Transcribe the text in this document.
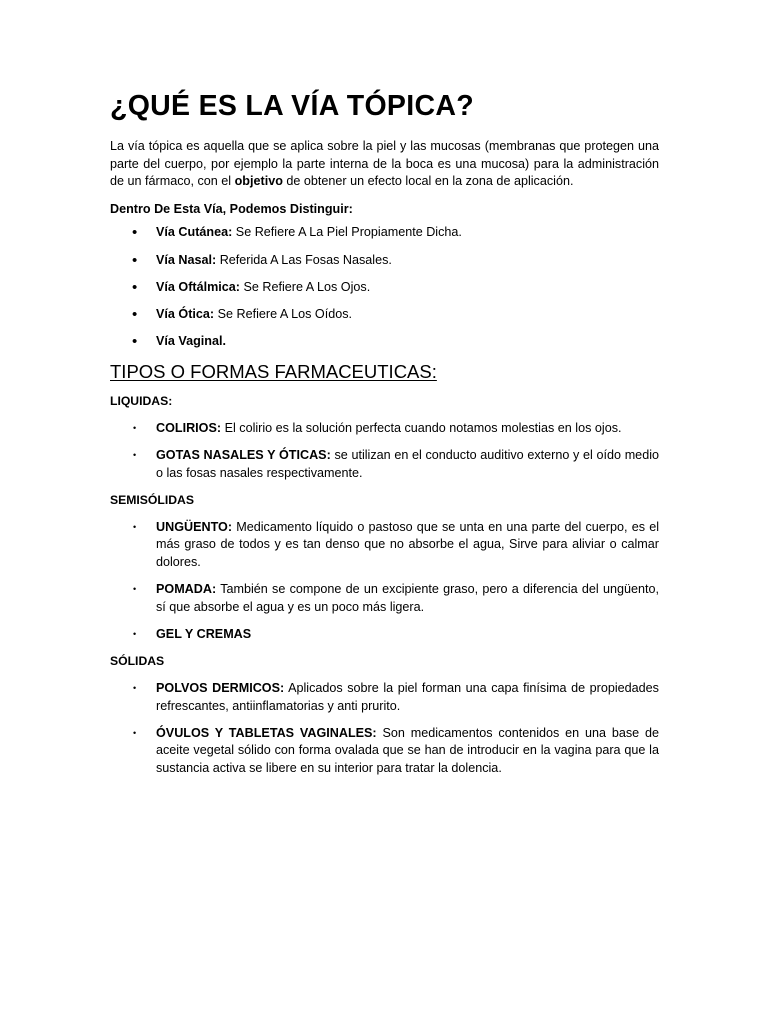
¿QUÉ ES LA VÍA TÓPICA?

La vía tópica es aquella que se aplica sobre la piel y las mucosas (membranas que protegen una parte del cuerpo, por ejemplo la parte interna de la boca es una mucosa) para la administración de un fármaco, con el objetivo de obtener un efecto local en la zona de aplicación.

Dentro De Esta Vía, Podemos Distinguir:

• Vía Cutánea: Se Refiere A La Piel Propiamente Dicha.
• Vía Nasal: Referida A Las Fosas Nasales.
• Vía Oftálmica: Se Refiere A Los Ojos.
• Vía Ótica: Se Refiere A Los Oídos.
• Vía Vaginal.
TIPOS O FORMAS FARMACEUTICAS:

LIQUIDAS:

• COLIRIOS: El colirio es la solución perfecta cuando notamos molestias en los ojos.
• GOTAS NASALES Y ÓTICAS: se utilizan en el conducto auditivo externo y el oído medio o las fosas nasales respectivamente.

SEMISÓLIDAS

• UNGÜENTO: Medicamento líquido o pastoso que se unta en una parte del cuerpo, es el más graso de todos y es tan denso que no absorbe el agua, Sirve para aliviar o calmar dolores.
• POMADA: También se compone de un excipiente graso, pero a diferencia del ungüento, sí que absorbe el agua y es un poco más ligera.
• GEL Y CREMAS

SÓLIDAS

• POLVOS DERMICOS: Aplicados sobre la piel forman una capa finísima de propiedades refrescantes, antiinflamatorias y anti prurito.
• ÓVULOS Y TABLETAS VAGINALES: Son medicamentos contenidos en una base de aceite vegetal sólido con forma ovalada que se han de introducir en la vagina para que la sustancia activa se libere en su interior para tratar la dolencia.
